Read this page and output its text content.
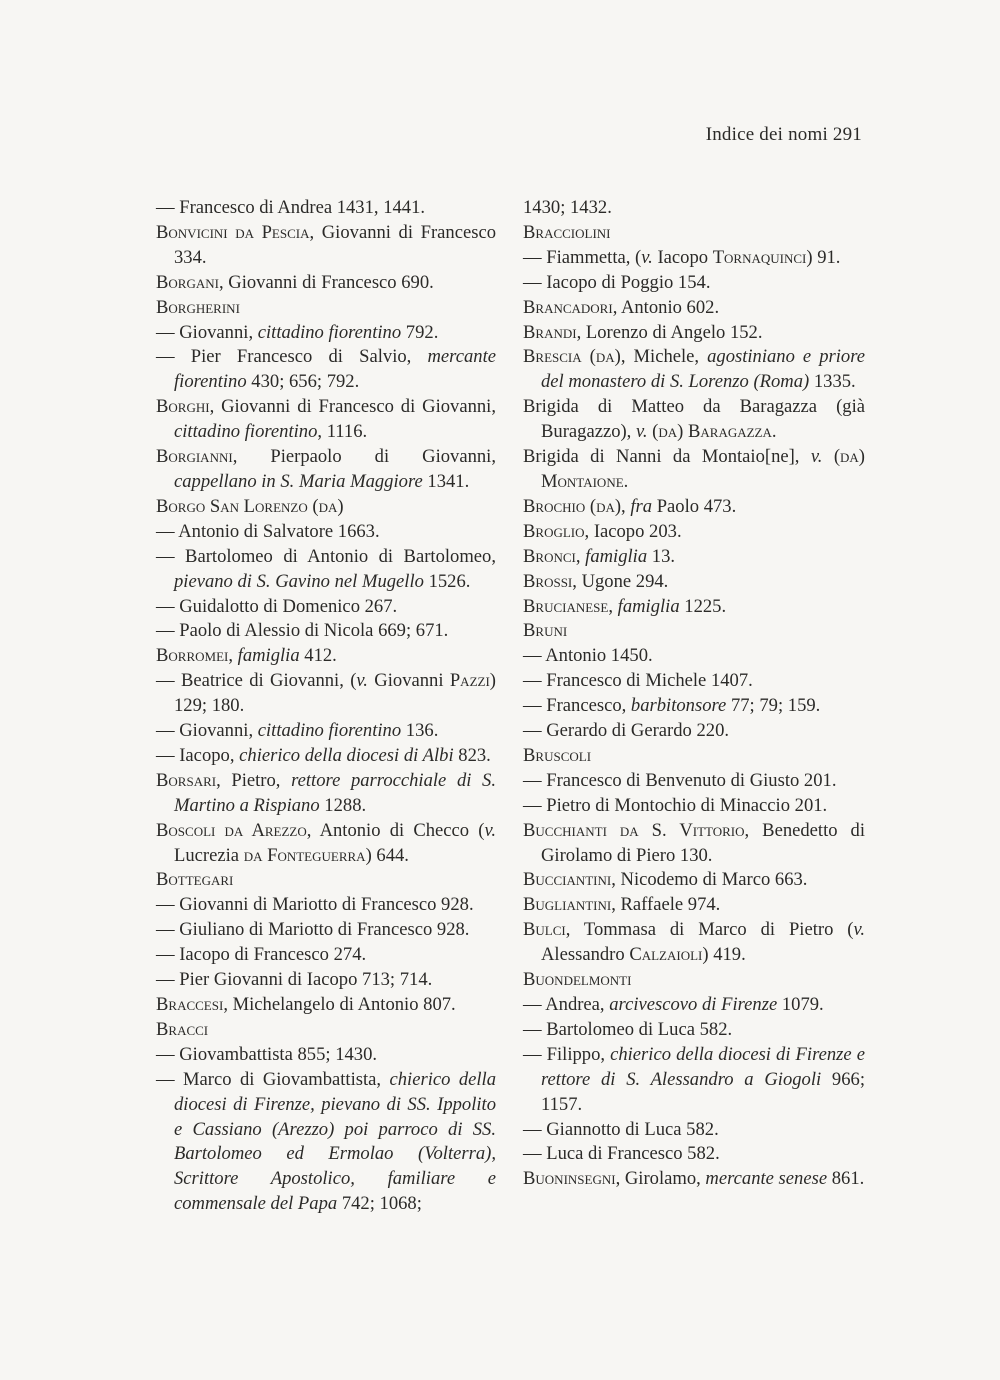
Indice dei nomi 291

— Francesco di Andrea 1431, 1441.

Bonvicini da Pescia, Giovanni di Francesco 334.

Borgani, Giovanni di Francesco 690.

Borgherini

— Giovanni, cittadino fiorentino 792.

— Pier Francesco di Salvio, mercante fiorentino 430; 656; 792.

Borghi, Giovanni di Francesco di Giovanni, cittadino fiorentino, 1116.

Borgianni, Pierpaolo di Giovanni, cappellano in S. Maria Maggiore 1341.

Borgo San Lorenzo (da)

— Antonio di Salvatore 1663.

— Bartolomeo di Antonio di Bartolomeo, pievano di S. Gavino nel Mugello 1526.

— Guidalotto di Domenico 267.

— Paolo di Alessio di Nicola 669; 671.

Borromei, famiglia 412.

— Beatrice di Giovanni, (v. Giovanni Pazzi) 129; 180.

— Giovanni, cittadino fiorentino 136.

— Iacopo, chierico della diocesi di Albi 823.

Borsari, Pietro, rettore parrocchiale di S. Martino a Rispiano 1288.

Boscoli da Arezzo, Antonio di Checco (v. Lucrezia da Fonteguerra) 644.

Bottegari

— Giovanni di Mariotto di Francesco 928.

— Giuliano di Mariotto di Francesco 928.

— Iacopo di Francesco 274.

— Pier Giovanni di Iacopo 713; 714.

Braccesi, Michelangelo di Antonio 807.

Bracci

— Giovambattista 855; 1430.

— Marco di Giovambattista, chierico della diocesi di Firenze, pievano di SS. Ippolito e Cassiano (Arezzo) poi parroco di SS. Bartolomeo ed Ermolao (Volterra), Scrittore Apostolico, familiare e commensale del Papa 742; 1068;

1430; 1432.

Bracciolini

— Fiammetta, (v. Iacopo Tornaquinci) 91.

— Iacopo di Poggio 154.

Brancadori, Antonio 602.

Brandi, Lorenzo di Angelo 152.

Brescia (da), Michele, agostiniano e priore del monastero di S. Lorenzo (Roma) 1335.

Brigida di Matteo da Baragazza (già Buragazzo), v. (da) Baragazza.

Brigida di Nanni da Montaio[ne], v. (da) Montaione.

Brochio (da), fra Paolo 473.

Broglio, Iacopo 203.

Bronci, famiglia 13.

Brossi, Ugone 294.

Brucianese, famiglia 1225.

Bruni

— Antonio 1450.

— Francesco di Michele 1407.

— Francesco, barbitonsore 77; 79; 159.

— Gerardo di Gerardo 220.

Bruscoli

— Francesco di Benvenuto di Giusto 201.

— Pietro di Montochio di Minaccio 201.

Bucchianti da S. Vittorio, Benedetto di Girolamo di Piero 130.

Bucciantini, Nicodemo di Marco 663.

Bugliantini, Raffaele 974.

Bulci, Tommasa di Marco di Pietro (v. Alessandro Calzaioli) 419.

Buondelmonti

— Andrea, arcivescovo di Firenze 1079.

— Bartolomeo di Luca 582.

— Filippo, chierico della diocesi di Firenze e rettore di S. Alessandro a Giogoli 966; 1157.

— Giannotto di Luca 582.

— Luca di Francesco 582.

Buoninsegni, Girolamo, mercante senese 861.
